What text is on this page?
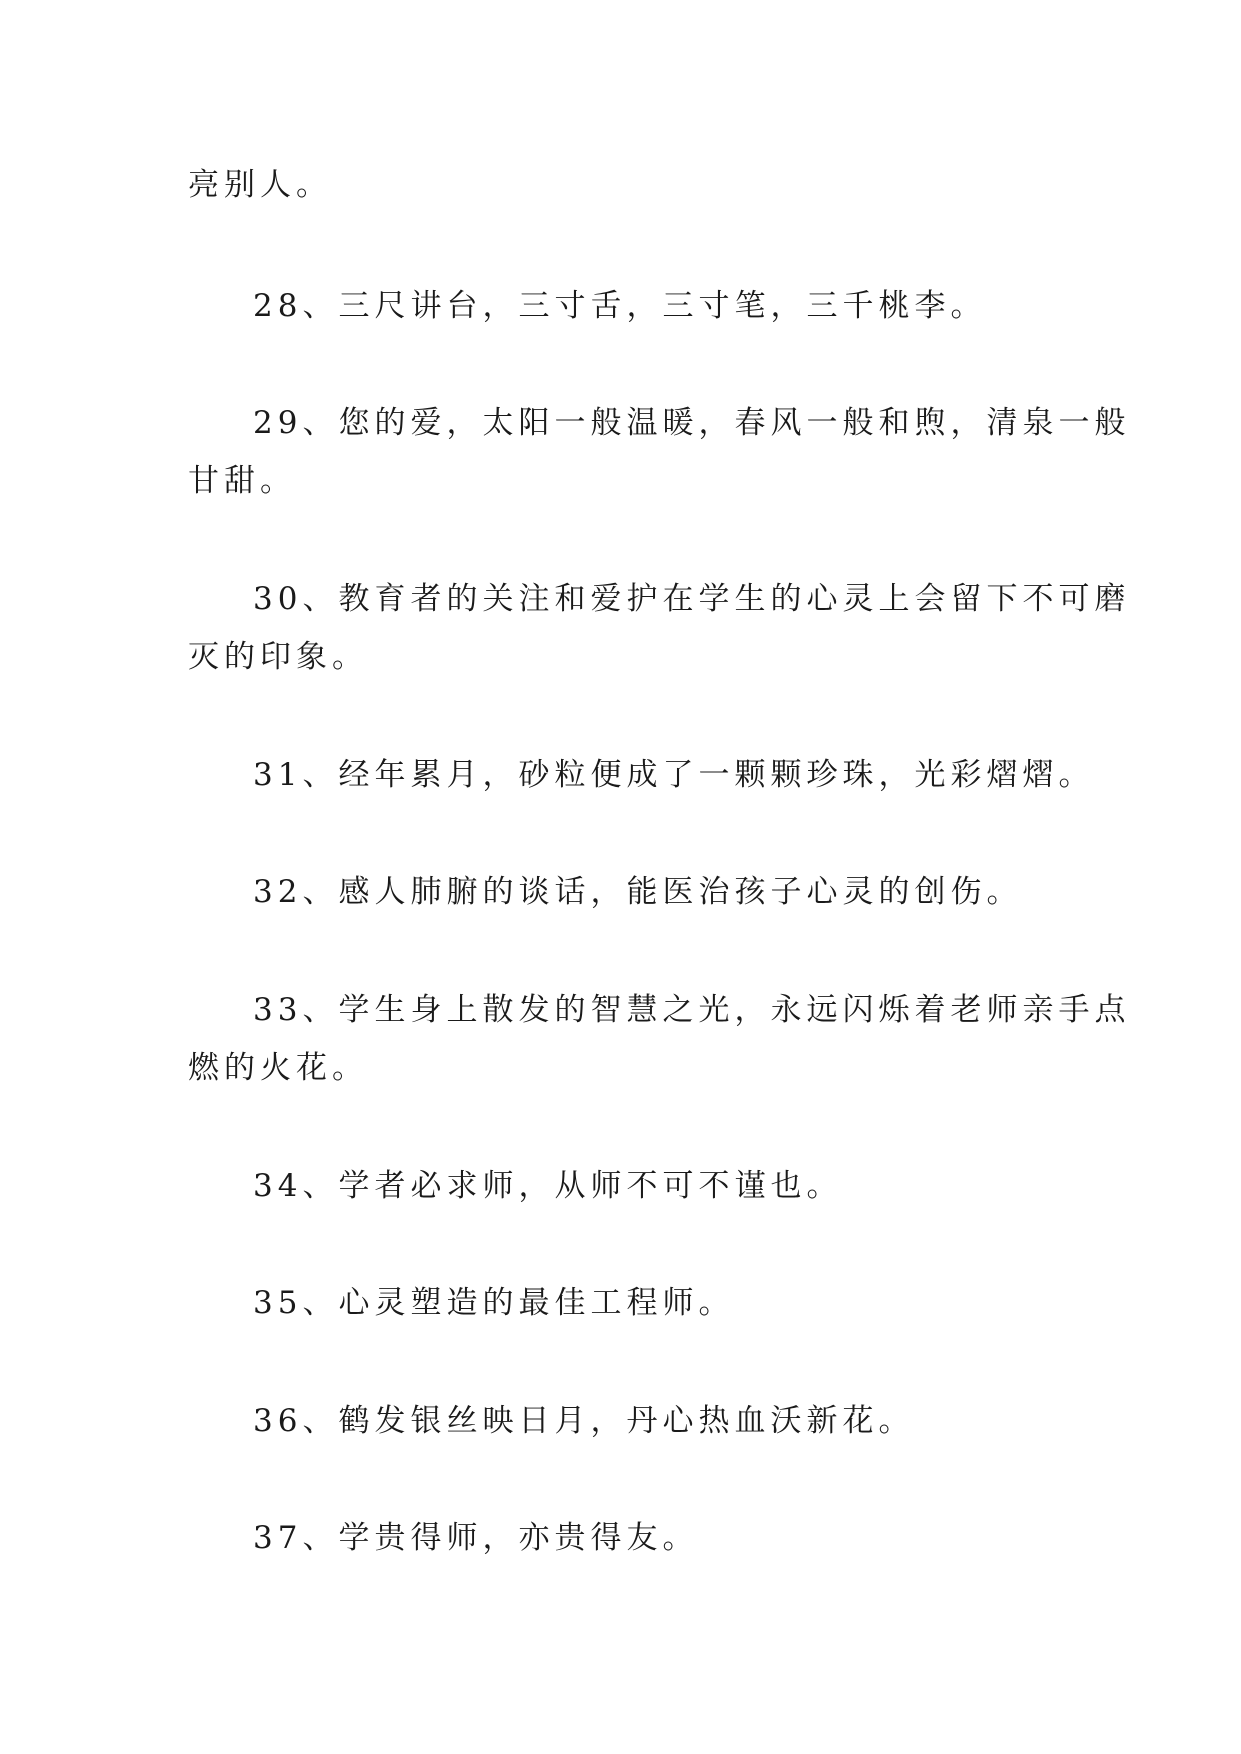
亮别人。
28、三尺讲台，三寸舌，三寸笔，三千桃李。
29、您的爱，太阳一般温暖，春风一般和煦，清泉一般
甘甜。
30、教育者的关注和爱护在学生的心灵上会留下不可磨
灭的印象。
31、经年累月，砂粒便成了一颗颗珍珠，光彩熠熠。
32、感人肺腑的谈话，能医治孩子心灵的创伤。
33、学生身上散发的智慧之光，永远闪烁着老师亲手点
燃的火花。
34、学者必求师，从师不可不谨也。
35、心灵塑造的最佳工程师。
36、鹤发银丝映日月，丹心热血沃新花。
37、学贵得师，亦贵得友。
